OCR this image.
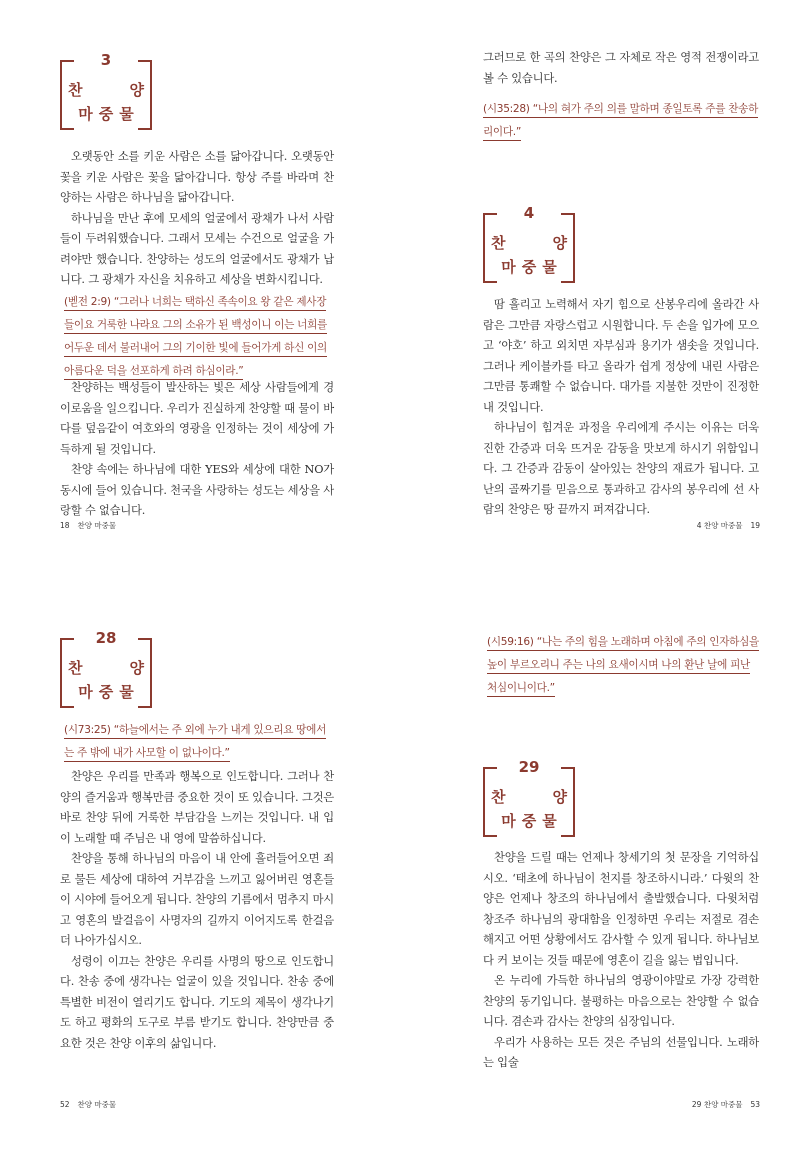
3
찬	양
마중물

오랫동안 소를 키운 사람은 소를 닮아갑니다. 오랫동안 꽃을 키운 사람은 꽃을 닮아갑니다. 항상 주를 바라며 찬양하는 사람은 하나님을 닮아갑니다.

하나님을 만난 후에 모세의 얼굴에서 광채가 나서 사람들이 두려워했습니다. 그래서 모세는 수건으로 얼굴을 가려야만 했습니다. 찬양하는 성도의 얼굴에서도 광채가 납니다. 그 광채가 자신을 치유하고 세상을 변화시킵니다.

(벧전 2:9) “그러나 너희는 택하신 족속이요 왕 같은 제사장들이요 거룩한 나라요 그의 소유가 된 백성이니 이는 너희를 어두운 데서 불러내어 그의 기이한 빛에 들어가게 하신 이의 아름다운 덕을 선포하게 하려 하심이라.”

찬양하는 백성들이 발산하는 빛은 세상 사람들에게 경이로움을 일으킵니다. 우리가 진실하게 찬양할 때 물이 바다를 덮음같이 여호와의 영광을 인정하는 것이 세상에 가득하게 될 것입니다.

찬양 속에는 하나님에 대한 YES와 세상에 대한 NO가 동시에 들어 있습니다. 천국을 사랑하는 성도는 세상을 사랑할 수 없습니다.

18 찬양 마중물

그러므로 한 곡의 찬양은 그 자체로 작은 영적 전쟁이라고 볼 수 있습니다.

(시35:28) “나의 혀가 주의 의를 말하며 종일토록 주를 찬송하리이다.”
4
찬	양
마중물

땀 흘리고 노력해서 자기 힘으로 산봉우리에 올라간 사람은 그만큼 자랑스럽고 시원합니다. 두 손을 입가에 모으고 ‘야호’ 하고 외치면 자부심과 용기가 샘솟을 것입니다. 그러나 케이블카를 타고 올라가 쉽게 정상에 내린 사람은 그만큼 통쾌할 수 없습니다. 대가를 지불한 것만이 진정한 내 것입니다.

하나님이 힘겨운 과정을 우리에게 주시는 이유는 더욱 진한 간증과 더욱 뜨거운 감동을 맛보게 하시기 위함입니다. 그 간증과 감동이 살아있는 찬양의 재료가 됩니다. 고난의 골짜기를 믿음으로 통과하고 감사의 봉우리에 선 사람의 찬양은 땅 끝까지 퍼져갑니다.

4 찬양 마중물 19
28
찬	양
마중물
(시73:25) “하늘에서는 주 외에 누가 내게 있으리요 땅에서는 주 밖에 내가 사모할 이 없나이다.”

찬양은 우리를 만족과 행복으로 인도합니다. 그러나 찬양의 즐거움과 행복만큼 중요한 것이 또 있습니다. 그것은 바로 찬양 뒤에 거룩한 부담감을 느끼는 것입니다. 내 입이 노래할 때 주님은 내 영에 말씀하십니다.

찬양을 통해 하나님의 마음이 내 안에 흘러들어오면 죄로 물든 세상에 대하여 거부감을 느끼고 잃어버린 영혼들이 시야에 들어오게 됩니다. 찬양의 기름에서 멈추지 마시고 영혼의 발걸음이 사명자의 길까지 이어지도록 한걸음 더 나아가십시오.

성령이 이끄는 찬양은 우리를 사명의 땅으로 인도합니다. 찬송 중에 생각나는 얼굴이 있을 것입니다. 찬송 중에 특별한 비전이 열리기도 합니다. 기도의 제목이 생각나기도 하고 평화의 도구로 부름 받기도 합니다. 찬양만큼 중요한 것은 찬양 이후의 삶입니다.

52 찬양 마중물
(시59:16) “나는 주의 힘을 노래하며 아침에 주의 인자하심을 높이 부르오리니 주는 나의 요새이시며 나의 환난 날에 피난처심이니이다.”
29
찬	양
마중물

찬양을 드릴 때는 언제나 창세기의 첫 문장을 기억하십시오. ‘태초에 하나님이 천지를 창조하시니라.’ 다윗의 찬양은 언제나 창조의 하나님에서 출발했습니다. 다윗처럼 창조주 하나님의 광대함을 인정하면 우리는 저절로 겸손해지고 어떤 상황에서도 감사할 수 있게 됩니다. 하나님보다 커 보이는 것들 때문에 영혼이 길을 잃는 법입니다.

온 누리에 가득한 하나님의 영광이야말로 가장 강력한 찬양의 동기입니다. 불평하는 마음으로는 찬양할 수 없습니다. 겸손과 감사는 찬양의 심장입니다.

우리가 사용하는 모든 것은 주님의 선물입니다. 노래하는 입술

29 찬양 마중물 53
